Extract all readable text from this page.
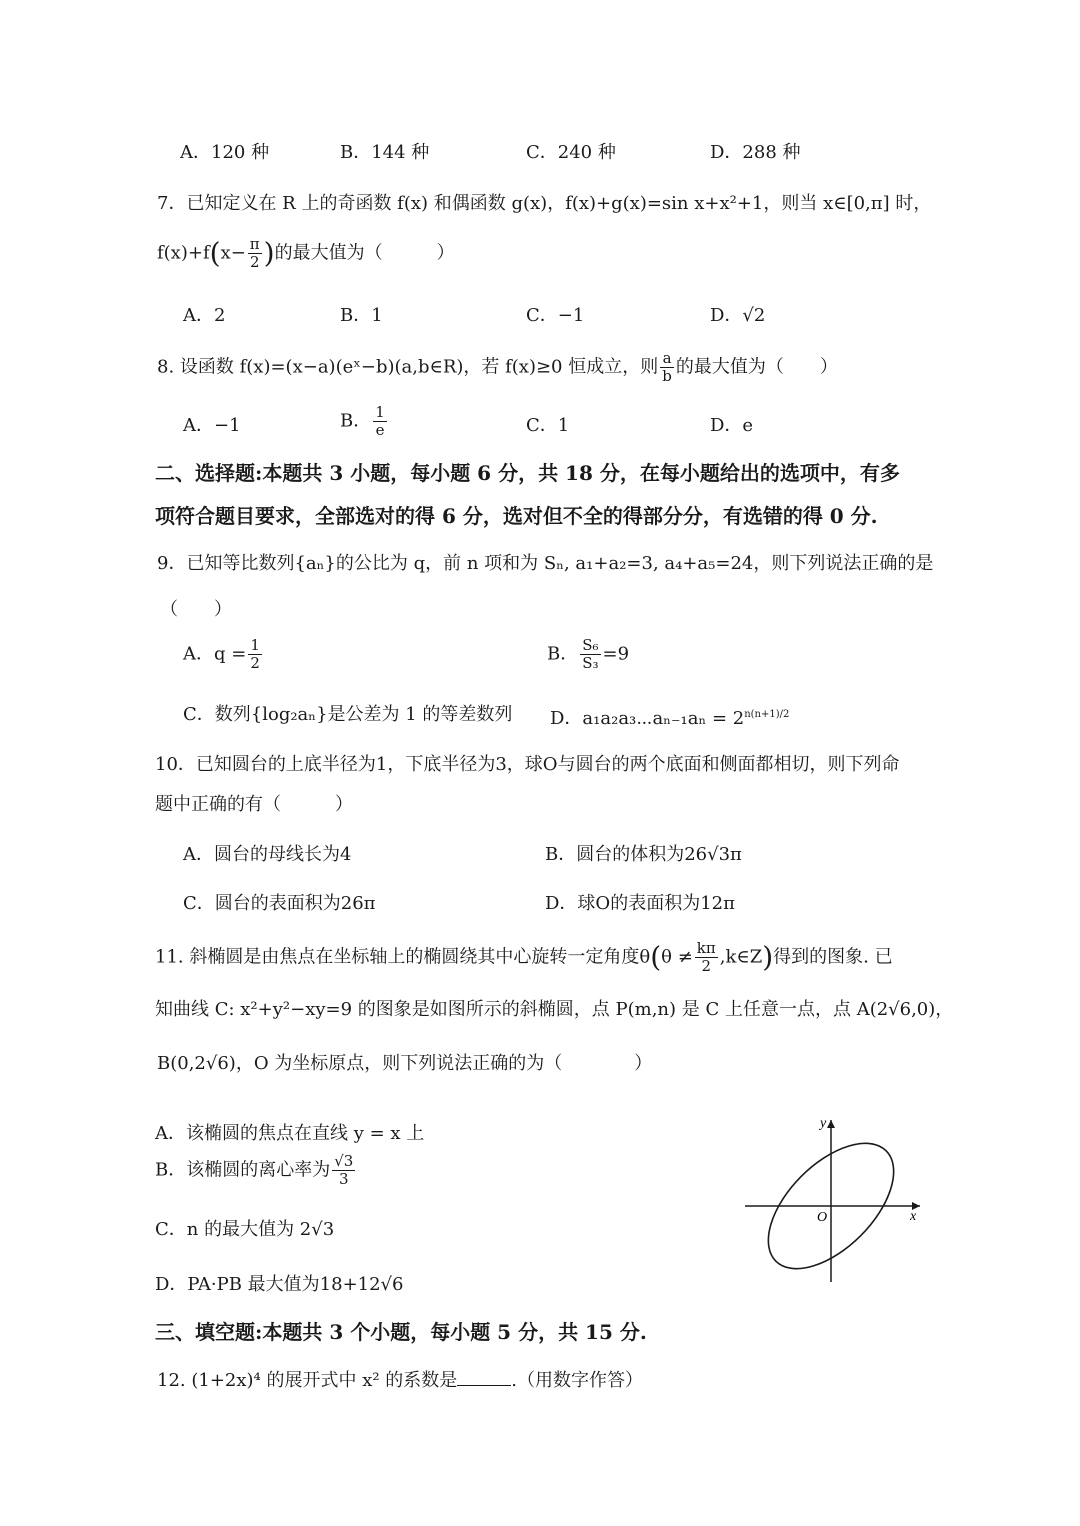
A．120 种	B．144 种	C．240 种	D．288 种
7．已知定义在 R 上的奇函数 f(x) 和偶函数 g(x)，f(x)+g(x)=sin x+x²+1，则当 x∈[0,π] 时，
$f(x)+f(x- \frac{\pi}{2}$ )的最大值为（　　　）
A．2	B．1	C．−1	D．√2
8. 设函数 f(x)=(x−a)(eˣ−b)(a,b∈R)，若 f(x)≥0 恒成立，则 $\frac{a}{b}$ 的最大值为（　　）
A．−1	B． $\frac{1}{e}$	C．1	D．e
二、选择题:本题共 3 小题，每小题 6 分，共 18 分，在每小题给出的选项中，有多
项符合题目要求，全部选对的得 6 分，选对但不全的得部分分，有选错的得 0 分.
9．已知等比数列{aₙ}的公比为 q，前 n 项和为 Sₙ, a₁+a₂=3, a₄+a₅=24，则下列说法正确的是
（　　）
A．$q = \frac{1}{2}$	B． $\frac{\text{S₆}}{\text{S₃}} =9$
C．数列{log₂aₙ}是公差为 1 的等差数列 D．a₁a₂a₃⋯aₙ₋₁aₙ = $2^{n(n+1)/2}$
10．已知圆台的上底半径为1，下底半径为3，球O与圆台的两个底面和侧面都相切，则下列命
题中正确的有（　　　）
A．圆台的母线长为4	B．圆台的体积为26√3π
C．圆台的表面积为26π	D．球O的表面积为12π
11. 斜椭圆是由焦点在坐标轴上的椭圆绕其中心旋转一定角度$\theta(\theta \ne \frac{k\pi}{2}$ ,k∈Z)得到的图象. 已
知曲线 C: x²+y²−xy=9 的图象是如图所示的斜椭圆，点 P(m,n) 是 C 上任意一点，点 A(2√6,0)，
B(0,2√6)，O 为坐标原点，则下列说法正确的为（　　　　）
A．该椭圆的焦点在直线 y = x 上
B．该椭圆的离心率为 $\frac{√3}{3}$
C．n 的最大值为 2√3
D．PA·PB 最大值为18+12√6
y
x
O
三、填空题:本题共 3 个小题，每小题 5 分，共 15 分.
12. (1+2x)⁴ 的展开式中 x² 的系数是	.（用数字作答）
